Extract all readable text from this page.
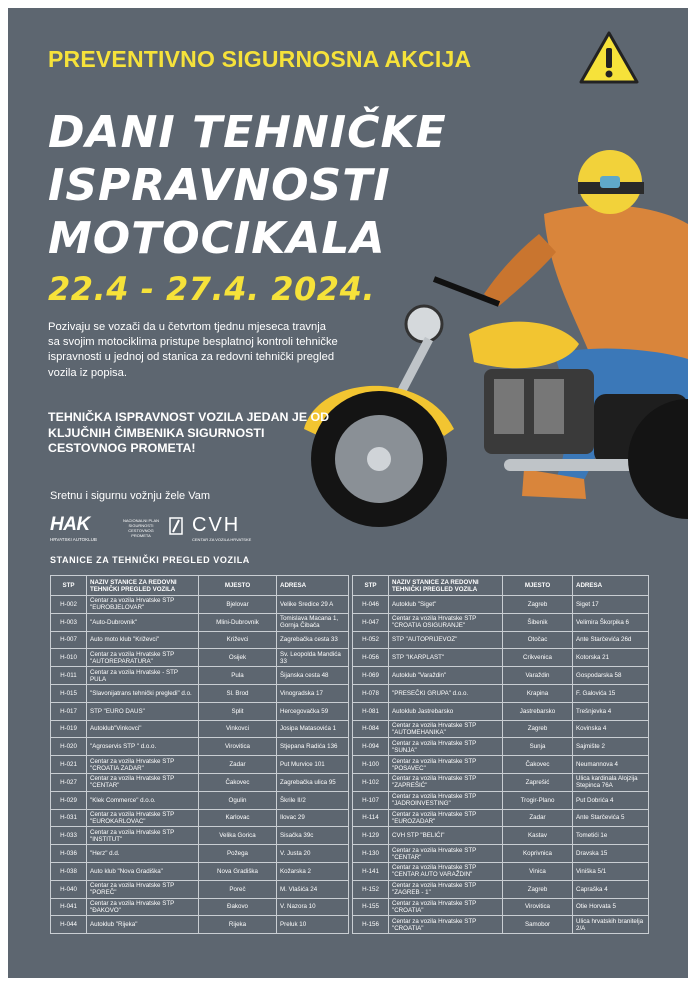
PREVENTIVNO SIGURNOSNA AKCIJA
DANI TEHNIČKE
ISPRAVNOSTI
MOTOCIKALA
22.4 - 27.4. 2024.
Pozivaju se vozači da u četvrtom tjednu mjeseca travnja sa svojim motociklima pristupe besplatnoj kontroli tehničke ispravnosti u jednoj od stanica za redovni tehnički pregled vozila iz popisa.
TEHNIČKA ISPRAVNOST VOZILA JEDAN JE OD KLJUČNIH ČIMBENIKA SIGURNOSTI CESTOVNOG PROMETA!
Sretnu i sigurnu vožnju žele Vam
HAK
HRVATSKI AUTOKLUB
NACIONALNI PLAN SIGURNOSTI CESTOVNOG PROMETA	CVH
CENTAR ZA VOZILA HRVATSKE
STANICE ZA TEHNIČKI PREGLED VOZILA
STP	NAZIV STANICE ZA REDOVNI TEHNIČKI PREGLED VOZILA	MJESTO	ADRESA
H-002	Centar za vozila Hrvatske STP "EUROBJELOVAR"	Bjelovar	Velike Sredice 29 A
H-003	"Auto-Dubrovnik"	Mlini-Dubrovnik	Tomislava Macana 1, Gornja Čibača
H-007	Auto moto klub "Križevci"	Križevci	Zagrebačka cesta 33
H-010	Centar za vozila Hrvatske STP "AUTOREPARATURA"	Osijek	Sv. Leopolda Mandića 33
H-011	Centar za vozila Hrvatske - STP PULA	Pula	Šijanska cesta 48
H-015	"Slavonijatrans tehnički pregledi" d.o.	Sl. Brod	Vinogradska 17
H-017	STP "EURO DAUS"	Split	Hercegovačka 59
H-019	Autoklub"Vinkovci"	Vinkovci	Josipa Matasovića 1
H-020	"Agroservis STP " d.o.o.	Virovitica	Stjepana Radića 136
H-021	Centar za vozila Hrvatske STP "CROATIA ZADAR"	Zadar	Put Murvice 101
H-027	Centar za vozila Hrvatske STP "CENTAR"	Čakovec	Zagrebačka ulica 95
H-029	"Klek Commerce" d.o.o.	Ogulin	Škrile II/2
H-031	Centar za vozila Hrvatske STP "EUROKARLOVAC"	Karlovac	Ilovac 29
H-033	Centar za vozila Hrvatske STP "INSTITUT"	Velika Gorica	Sisačka 39c
H-036	"Herz" d.d.	Požega	V. Justa 20
H-038	Auto klub "Nova Gradiška"	Nova Gradiška	Kožarska 2
H-040	Centar za vozila Hrvatske STP "POREČ"	Poreč	M. Vlašića 24
H-041	Centar za vozila Hrvatske STP "ĐAKOVO"	Đakovo	V. Nazora 10
H-044	Autoklub "Rijeka"	Rijeka	Preluk 10
STP	NAZIV STANICE ZA REDOVNI TEHNIČKI PREGLED VOZILA	MJESTO	ADRESA
H-046	Autoklub "Siget"	Zagreb	Siget 17
H-047	Centar za vozila Hrvatske STP "CROATIA OSIGURANJE"	Šibenik	Velimira Škorpika 6
H-052	STP "AUTOPRIJEVOZ"	Otočac	Ante Starčevića 26d
H-056	STP "IKARPLAST"	Crikvenica	Kotorska 21
H-069	Autoklub "Varaždin"	Varaždin	Gospodarska 58
H-078	"PRESEČKI GRUPA" d.o.o.	Krapina	F. Galovića 15
H-081	Autoklub Jastrebarsko	Jastrebarsko	Trešnjevka 4
H-084	Centar za vozila Hrvatske STP "AUTOMEHANIKA"	Zagreb	Kovinska 4
H-094	Centar za vozila Hrvatske STP "SUNJA"	Sunja	Sajmište 2
H-100	Centar za vozila Hrvatske STP "POSAVEC"	Čakovec	Neumannova 4
H-102	Centar za vozila Hrvatske STP "ZAPREŠIĆ"	Zaprešić	Ulica kardinala Alojzija Stepinca 76A
H-107	Centar za vozila Hrvatske STP "JADROINVESTING"	Trogir-Plano	Put Dobrića 4
H-114	Centar za vozila Hrvatske STP "EUROZADAR"	Zadar	Ante Starčevića 5
H-129	CVH STP "BELIĆI"	Kastav	Tometići 1e
H-130	Centar za vozila Hrvatske STP "CENTAR"	Koprivnica	Dravska 15
H-141	Centar za vozila Hrvatske STP "CENTAR AUTO VARAŽDIN"	Vinica	Viniška 5/1
H-152	Centar za vozila Hrvatske STP "ZAGREB - 1"	Zagreb	Capraška 4
H-155	Centar za vozila Hrvatske STP "CROATIA"	Virovitica	Otie Horvata 5
H-156	Centar za vozila Hrvatske STP "CROATIA"	Samobor	Ulica hrvatskih branitelja 2/A
